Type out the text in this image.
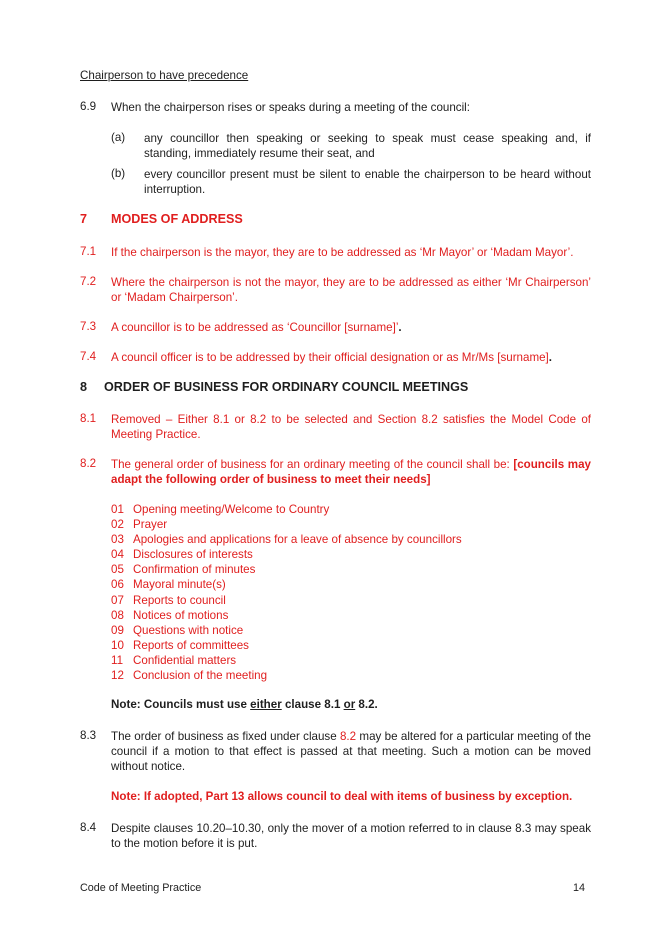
Chairperson to have precedence
6.9 When the chairperson rises or speaks during a meeting of the council:
(a) any councillor then speaking or seeking to speak must cease speaking and, if standing, immediately resume their seat, and
(b) every councillor present must be silent to enable the chairperson to be heard without interruption.
7 MODES OF ADDRESS
7.1 If the chairperson is the mayor, they are to be addressed as ‘Mr Mayor’ or ‘Madam Mayor’.
7.2 Where the chairperson is not the mayor, they are to be addressed as either ‘Mr Chairperson’ or ‘Madam Chairperson’.
7.3 A councillor is to be addressed as ‘Councillor [surname]’.
7.4 A council officer is to be addressed by their official designation or as Mr/Ms [surname].
8 ORDER OF BUSINESS FOR ORDINARY COUNCIL MEETINGS
8.1 Removed – Either 8.1 or 8.2 to be selected and Section 8.2 satisfies the Model Code of Meeting Practice.
8.2 The general order of business for an ordinary meeting of the council shall be: [councils may adapt the following order of business to meet their needs]
01 Opening meeting/Welcome to Country
02 Prayer
03 Apologies and applications for a leave of absence by councillors
04 Disclosures of interests
05 Confirmation of minutes
06 Mayoral minute(s)
07 Reports to council
08 Notices of motions
09 Questions with notice
10 Reports of committees
11 Confidential matters
12 Conclusion of the meeting
Note: Councils must use either clause 8.1 or 8.2.
8.3 The order of business as fixed under clause 8.2 may be altered for a particular meeting of the council if a motion to that effect is passed at that meeting. Such a motion can be moved without notice.
Note: If adopted, Part 13 allows council to deal with items of business by exception.
8.4 Despite clauses 10.20–10.30, only the mover of a motion referred to in clause 8.3 may speak to the motion before it is put.
Code of Meeting Practice	14
